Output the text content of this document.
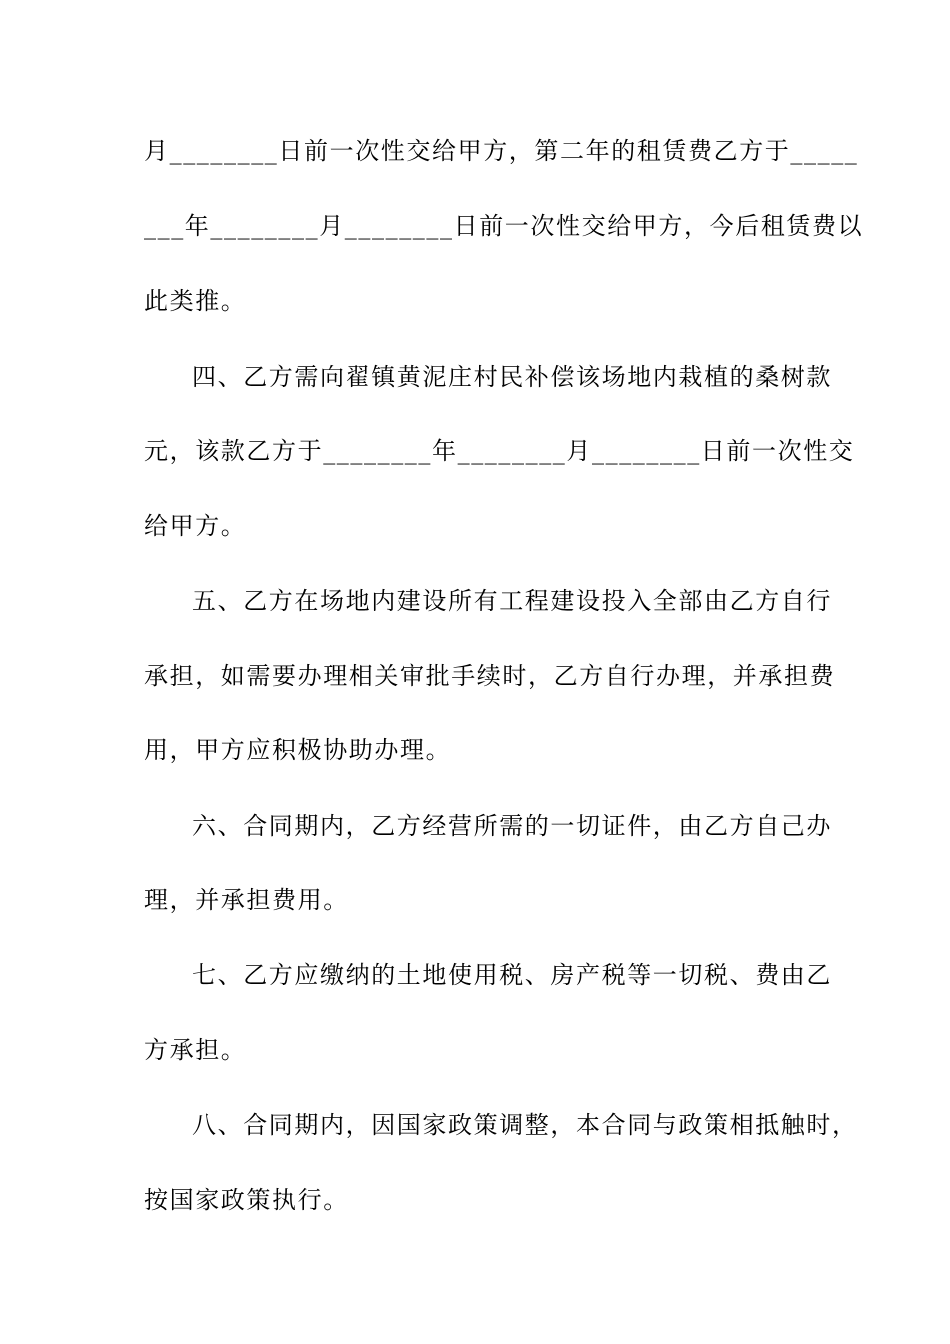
月________日前一次性交给甲方，第二年的租赁费乙方于_____
___年________月________日前一次性交给甲方，今后租赁费以
此类推。
四、乙方需向翟镇黄泥庄村民补偿该场地内栽植的桑树款
元，该款乙方于________年________月________日前一次性交
给甲方。
五、乙方在场地内建设所有工程建设投入全部由乙方自行
承担，如需要办理相关审批手续时，乙方自行办理，并承担费
用，甲方应积极协助办理。
六、合同期内，乙方经营所需的一切证件，由乙方自己办
理，并承担费用。
七、乙方应缴纳的土地使用税、房产税等一切税、费由乙
方承担。
八、合同期内，因国家政策调整，本合同与政策相抵触时，
按国家政策执行。
